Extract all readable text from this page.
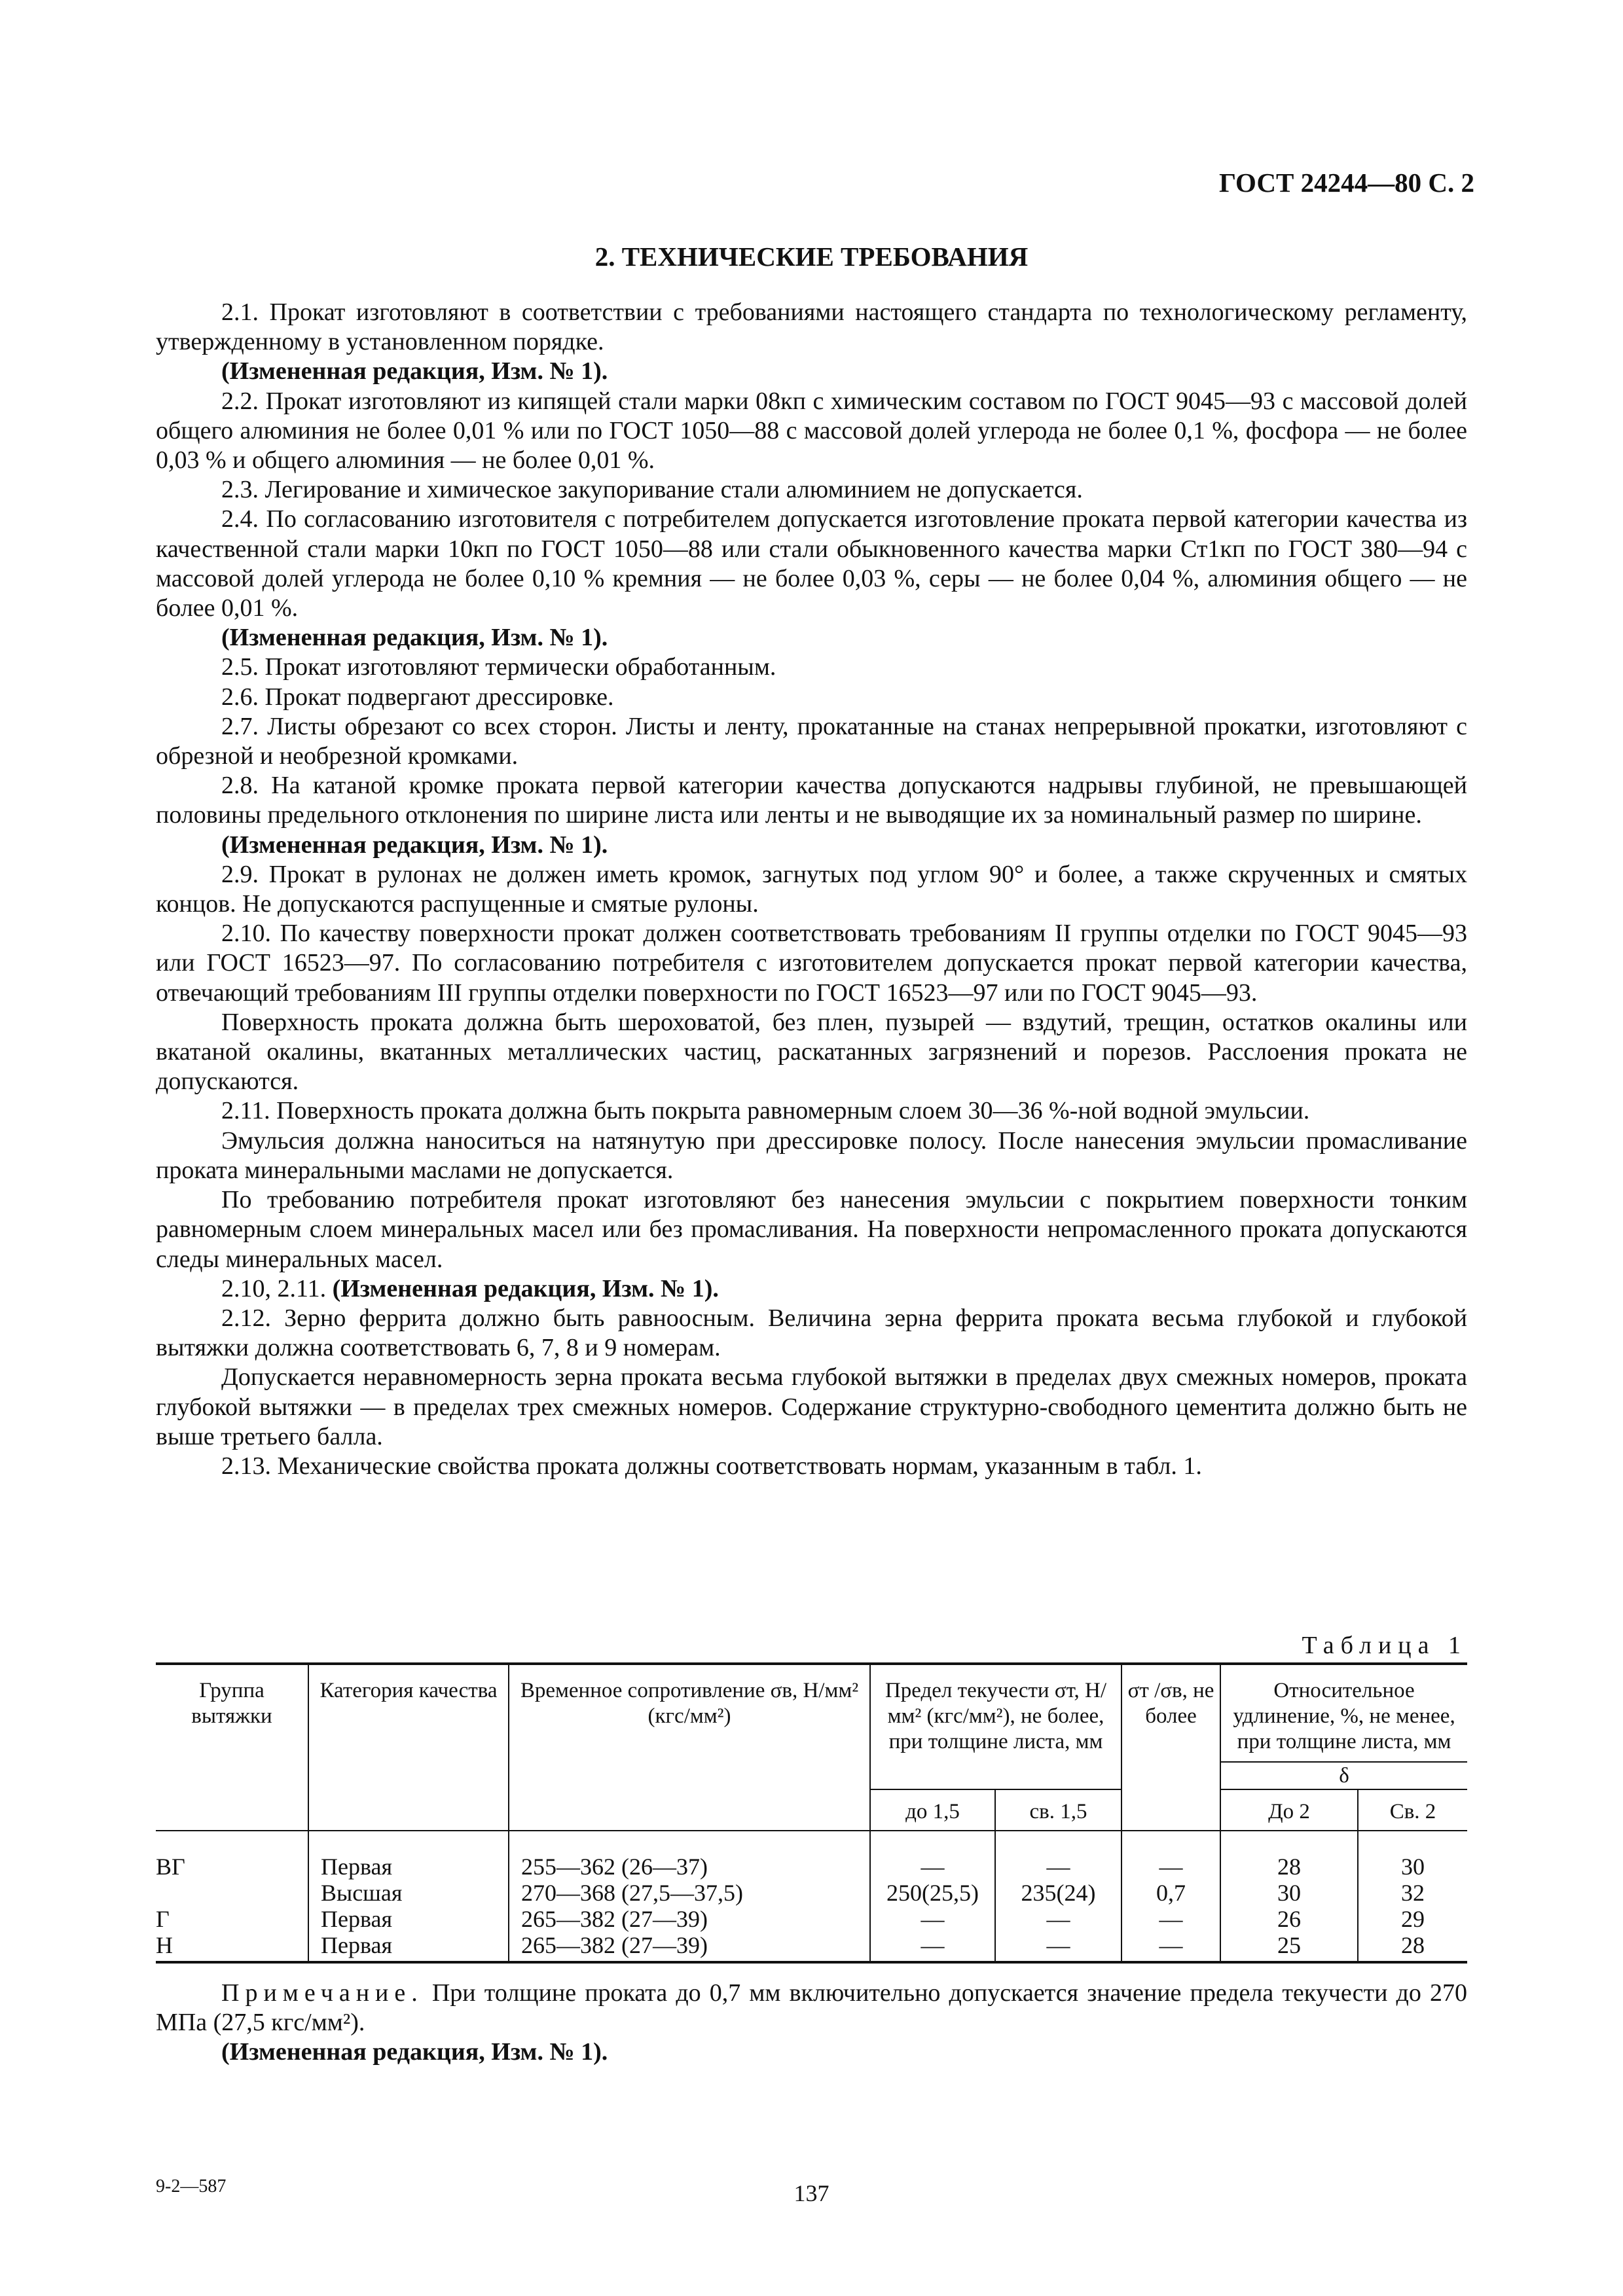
ГОСТ 24244—80 С. 2
2. ТЕХНИЧЕСКИЕ ТРЕБОВАНИЯ

2.1. Прокат изготовляют в соответствии с требованиями настоящего стандарта по технологическому регламенту, утвержденному в установленном порядке.

(Измененная редакция, Изм. № 1).

2.2. Прокат изготовляют из кипящей стали марки 08кп с химическим составом по ГОСТ 9045—93 с массовой долей общего алюминия не более 0,01 % или по ГОСТ 1050—88 с массовой долей углерода не более 0,1 %, фосфора — не более 0,03 % и общего алюминия — не более 0,01 %.

2.3. Легирование и химическое закупоривание стали алюминием не допускается.

2.4. По согласованию изготовителя с потребителем допускается изготовление проката первой категории качества из качественной стали марки 10кп по ГОСТ 1050—88 или стали обыкновенного качества марки Ст1кп по ГОСТ 380—94 с массовой долей углерода не более 0,10 % кремния — не более 0,03 %, серы — не более 0,04 %, алюминия общего — не более 0,01 %.

(Измененная редакция, Изм. № 1).

2.5. Прокат изготовляют термически обработанным.

2.6. Прокат подвергают дрессировке.

2.7. Листы обрезают со всех сторон. Листы и ленту, прокатанные на станах непрерывной прокатки, изготовляют с обрезной и необрезной кромками.

2.8. На катаной кромке проката первой категории качества допускаются надрывы глубиной, не превышающей половины предельного отклонения по ширине листа или ленты и не выводящие их за номинальный размер по ширине.

(Измененная редакция, Изм. № 1).

2.9. Прокат в рулонах не должен иметь кромок, загнутых под углом 90° и более, а также скрученных и смятых концов. Не допускаются распущенные и смятые рулоны.

2.10. По качеству поверхности прокат должен соответствовать требованиям II группы отделки по ГОСТ 9045—93 или ГОСТ 16523—97. По согласованию потребителя с изготовителем допускается прокат первой категории качества, отвечающий требованиям III группы отделки поверхности по ГОСТ 16523—97 или по ГОСТ 9045—93.

Поверхность проката должна быть шероховатой, без плен, пузырей — вздутий, трещин, остатков окалины или вкатаной окалины, вкатанных металлических частиц, раскатанных загрязнений и порезов. Расслоения проката не допускаются.

2.11. Поверхность проката должна быть покрыта равномерным слоем 30—36 %-ной водной эмульсии.

Эмульсия должна наноситься на натянутую при дрессировке полосу. После нанесения эмульсии промасливание проката минеральными маслами не допускается.

По требованию потребителя прокат изготовляют без нанесения эмульсии с покрытием поверхности тонким равномерным слоем минеральных масел или без промасливания. На поверхности непромасленного проката допускаются следы минеральных масел.

2.10, 2.11. (Измененная редакция, Изм. № 1).

2.12. Зерно феррита должно быть равноосным. Величина зерна феррита проката весьма глубокой и глубокой вытяжки должна соответствовать 6, 7, 8 и 9 номерам.

Допускается неравномерность зерна проката весьма глубокой вытяжки в пределах двух смежных номеров, проката глубокой вытяжки — в пределах трех смежных номеров. Содержание структурно-свободного цементита должно быть не выше третьего балла.

2.13. Механические свойства проката должны соответствовать нормам, указанным в табл. 1.

Таблица 1
Группа вытяжки	Категория качества	Временное сопротивление σв, Н/мм² (кгс/мм²)	Предел текучести σт, Н/мм² (кгс/мм²), не более, при толщине листа, мм		σт /σв, не более	Относительное удлинение, %, не менее, при толщине листа, мм	
						δ	
			до 1,5	св. 1,5		До 2	Св. 2
ВГ	Первая	255—362 (26—37)	—	—	—	28	30
	Высшая	270—368 (27,5—37,5)	250(25,5)	235(24)	0,7	30	32
Г	Первая	265—382 (27—39)	—	—	—	26	29
Н	Первая	265—382 (27—39)	—	—	—	25	28

Примечание. При толщине проката до 0,7 мм включительно допускается значение предела текучести до 270 МПа (27,5 кгс/мм²).

(Измененная редакция, Изм. № 1).

9-2—587	137
